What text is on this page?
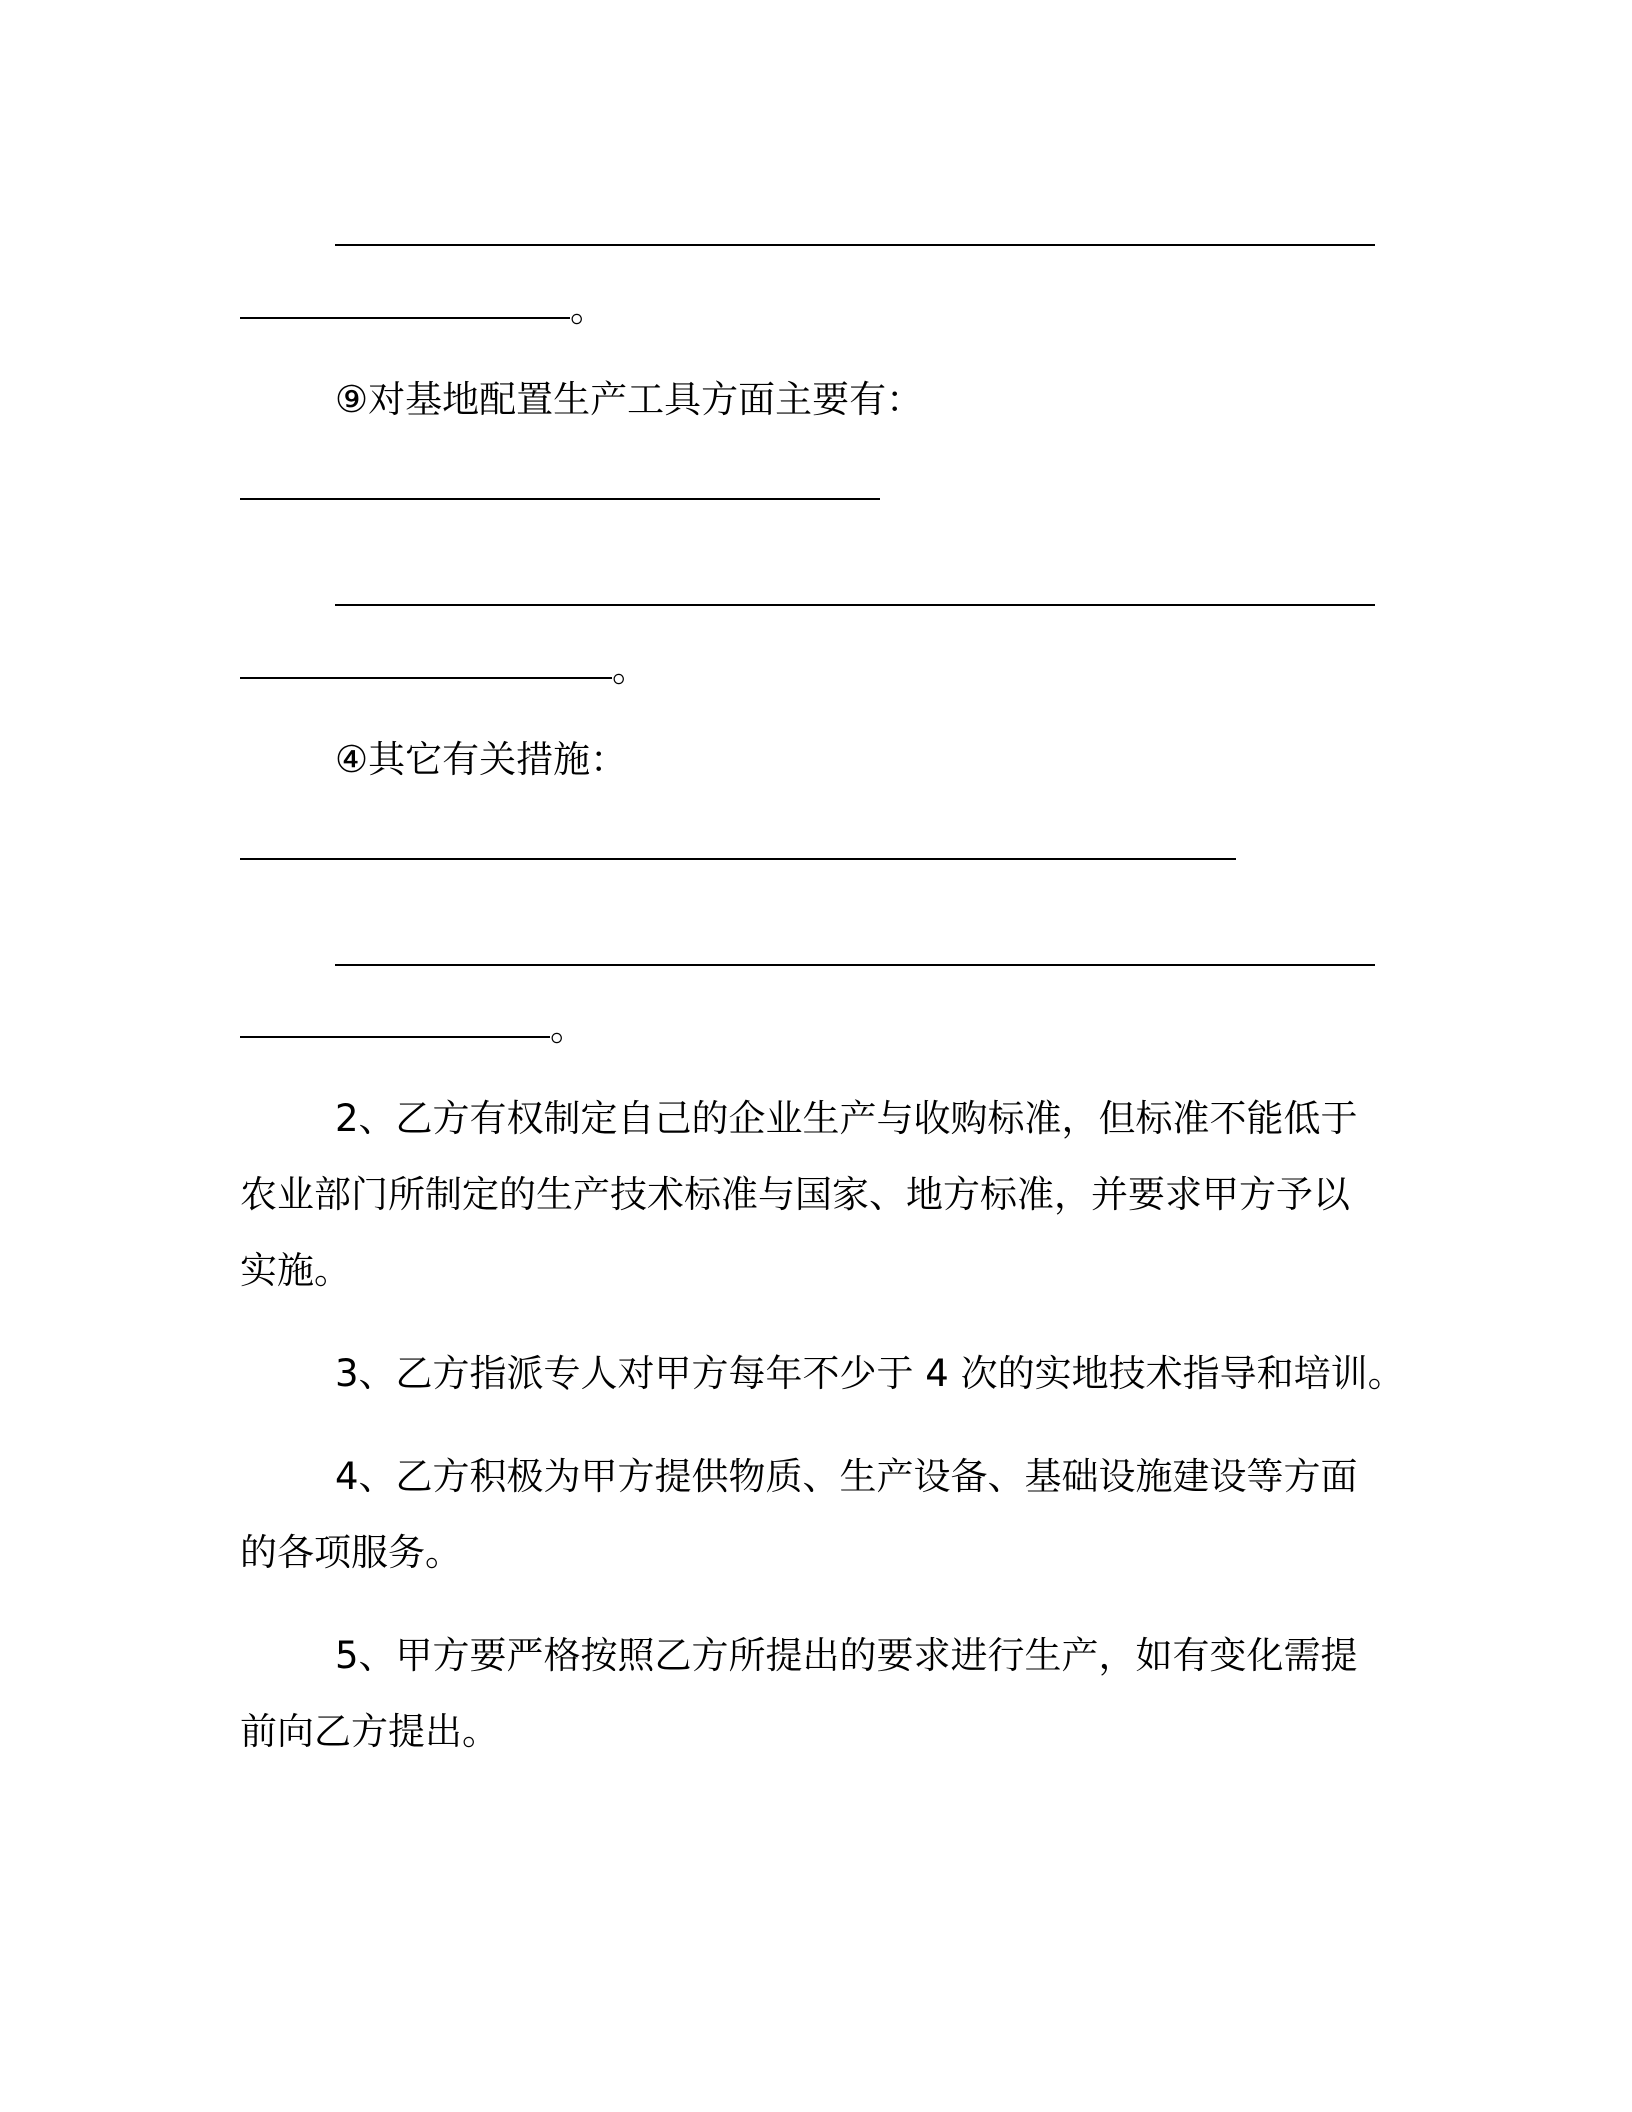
。
⑨对基地配置生产工具方面主要有：
。
④其它有关措施：
。
2、乙方有权制定自己的企业生产与收购标准，但标准不能低于
农业部门所制定的生产技术标准与国家、地方标准，并要求甲方予以
实施。
3、乙方指派专人对甲方每年不少于 4 次的实地技术指导和培训。
4、乙方积极为甲方提供物质、生产设备、基础设施建设等方面
的各项服务。
5、甲方要严格按照乙方所提出的要求进行生产，如有变化需提
前向乙方提出。
